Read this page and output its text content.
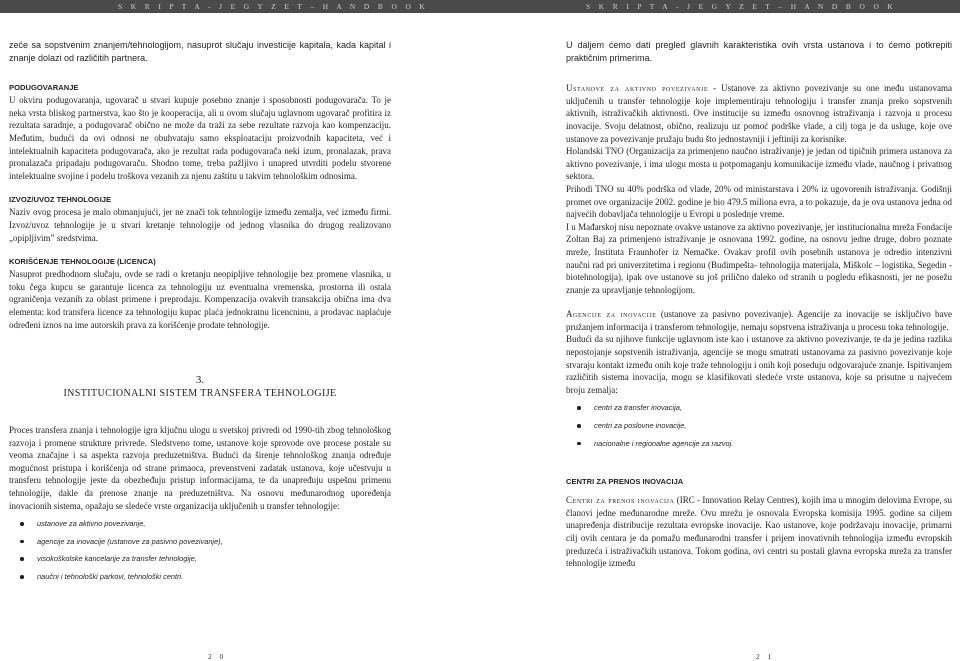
S K R I P T A - J E G Y Z E T – H A N D B O O K	S K R I P T A - J E G Y Z E T – H A N D B O O K

zeće sa sopstvenim znanjem/tehnologijom, nasuprot slučaju investicije kapitala, kada kapital i znanje dolazi od različitih partnera.

PODUGOVARANJE

U okviru podugovaranja, ugovarač u stvari kupuje posebno znanje i sposobnosti podugovarača. To je neka vrsta bliskog partnerstva, kao što je kooperacija, ali u ovom slučaju uglavnom ugovarač profitira iz rezultata saradnje, a podugovarač obično ne može da traži za sebe rezultate razvoja kao kompenzaciju. Međutim, budući da ovi odnosi ne obuhvataju samo eksploataciju proizvodnih kapaciteta, već i intelektualnih kapaciteta podugovarača, ako je rezultat rada podugovarača neki izum, pronalazak, prava pronalazača pripadaju podugovaraču. Shodno tome, treba pažljivo i unapred utvrditi podelu stvorene intelektualne svojine i podelu troškova vezanih za njenu zaštitu u takvim tehnološkim odnosima.

IZVOZ/UVOZ TEHNOLOGIJE

Naziv ovog procesa je malo obmanjujući, jer ne znači tok tehnologije između zemalja, već između firmi. Izvoz/uvoz tehnologije je u stvari kretanje tehnologije od jednog vlasnika do drugog realizovano „opipljivim” sredstvima.

KORIŠĆENJE TEHNOLOGIJE (LICENCA)

Nasuprot predhodnom slučaju, ovde se radi o kretanju neopipljive tehnologije bez promene vlasnika, u toku čega kupcu se garantuje licenca za tehnologiju uz eventualna vremenska, prostorna ili ostala ograničenja vezanih za oblast primene i preprodaju. Kompenzacija ovakvih transakcija obična ima dva elementa: kod transfera licence za tehnologiju kupac plaća jednokratnu licencninu, a prodavac naplaćuje određeni iznos na ime autorskih prava za korišćenje prodate tehnologije.

3.
INSTITUCIONALNI SISTEM TRANSFERA TEHNOLOGIJE

Proces transfera znanja i tehnologije igra ključnu ulogu u svetskoj privredi od 1990-tih zbog tehnološkog razvoja i promene strukture privrede. Sledstveno tome, ustanove koje sprovode ove procese postale su veoma značajne i sa aspekta razvoja preduzetništva. Budući da širenje tehnološkog znanja određuje mogućnost pristupa i korišćenja od strane primaoca, prevenstveni zadatak ustanova, koje učestvuju u transferu tehnologije jeste da obezbeđuju pristup informacijama, te da unapređuju uspešnu primenu tehnologije, dakle da prenose znanje na preduzetništva. Na osnovu međunarodnog upoređenja inovacionih sistema, opažaju se sledeće vrste organizacija uključenih u transfer tehnologije:

ustanove za aktivno povezivanje,
agencije za inovacije (ustanove za pasivno povezivanje),
visokoškolske kancelarije za transfer tehnologije,
naučni i tehnološki parkovi, tehnološki centri.

U daljem ćemo dati pregled glavnih karakteristika ovih vrsta ustanova i to ćemo potkrepiti praktičnim primerima.

Ustanove za aktivno povezivanje - Ustanove za aktivno povezivanje su one među ustanovama uključenih u transfer tehnologije koje implementiraju tehnologiju i transfer znanja preko sopstvenih aktivnih, istraživačkih aktivnosti. Ove institucije su između osnovnog istraživanja i razvoja u procesu inovacije. Svoju delatnost, obično, realizuju uz pomoć podrške vlade, a cilj toga je da usluge, koje ove ustanove za povezivanje pružaju budu što jednostavniji i jeftiniji za korisnike.

Holandski TNO (Organizacija za primenjeno naučno istraživanje) je jedan od tipičnih primera ustanova za aktivno povezivanje, i ima ulogu mosta u potpomaganju komunikacije između vlade, naučnog i privatnog sektora.

Prihodi TNO su 40% podrška od vlade, 20% od ministarstava i 20% iz ugovorenih istraživanja. Godišnji promet ove organizacije 2002. godine je bio 479.5 miliona evra, a to pokazuje, da je ova ustanova jedna od najvećih dobavljača tehnologije u Evropi u poslednje vreme.

I u Mađarskoj nisu nepoznate ovakve ustanove za aktivno povezivanje, jer institucionalna mreža Fondacije Zoltan Baj za primenjeno istraživanje je osnovana 1992. godine, na osnovu jedne druge, dobro poznate mreže, Instituta Fraunhofer iz Nemačke. Ovakav profil ovih posebnih ustanova je odredio intenzivni naučni rad pri univerzitetima i regionu (Budimpešta- tehnologija materijala, Miškolc – logistika, Segedin - biotehnologija), ipak ove ustanove su još prilično daleko od stranih u pogledu efikasnosti, jer ne posežu znanje za upravljanje tehnologijom.

Agencije za inovacije (ustanove za pasivno povezivanje). Agencije za inovacije se isključivo bave pružanjem informacija i transferom tehnologije, nemaju sopstvena istraživanja u procesu toka tehnologije.

Budući da su njihove funkcije uglavnom iste kao i ustanove za aktivno povezivanje, te da je jedina razlika nepostojanje sopstvenih istraživanja, agencije se mogu smatrati ustanovama za pasivno povezivanje koje stvaraju kontakt između onih koje traže tehnologiju i onih koji poseduju odgovarajuće znanje. Ispitivanjem različitih sistema inovacija, mogu se klasifikovati sledeće vrste ustanova, koje su prisutne u najvećem broju zemalja:

centri za transfer inovacija,
centri za poslovne inovacije,
nacionalne i regionalne agencije za razvoj.
CENTRI ZA PRENOS INOVACIJA

Centri za prenos inovacija (IRC - Innovation Relay Centres), kojih ima u mnogim delovima Evrope, su članovi jedne međunarodne mreže. Ovu mrežu je osnovala Evropska komisija 1995. godine sa ciljem unapređenja distribucije rezultata evropske inovacije. Kao ustanove, koje podržavaju inovacije, primarni cilj ovih centara je da pomažu međunarodni transfer i prijem inovativnih tehnologija između evropskih preduzeća i istraživačkih ustanova. Tokom godina, ovi centri su postali glavna evropska mreža za transfer tehnologije između

2 0	2 1
